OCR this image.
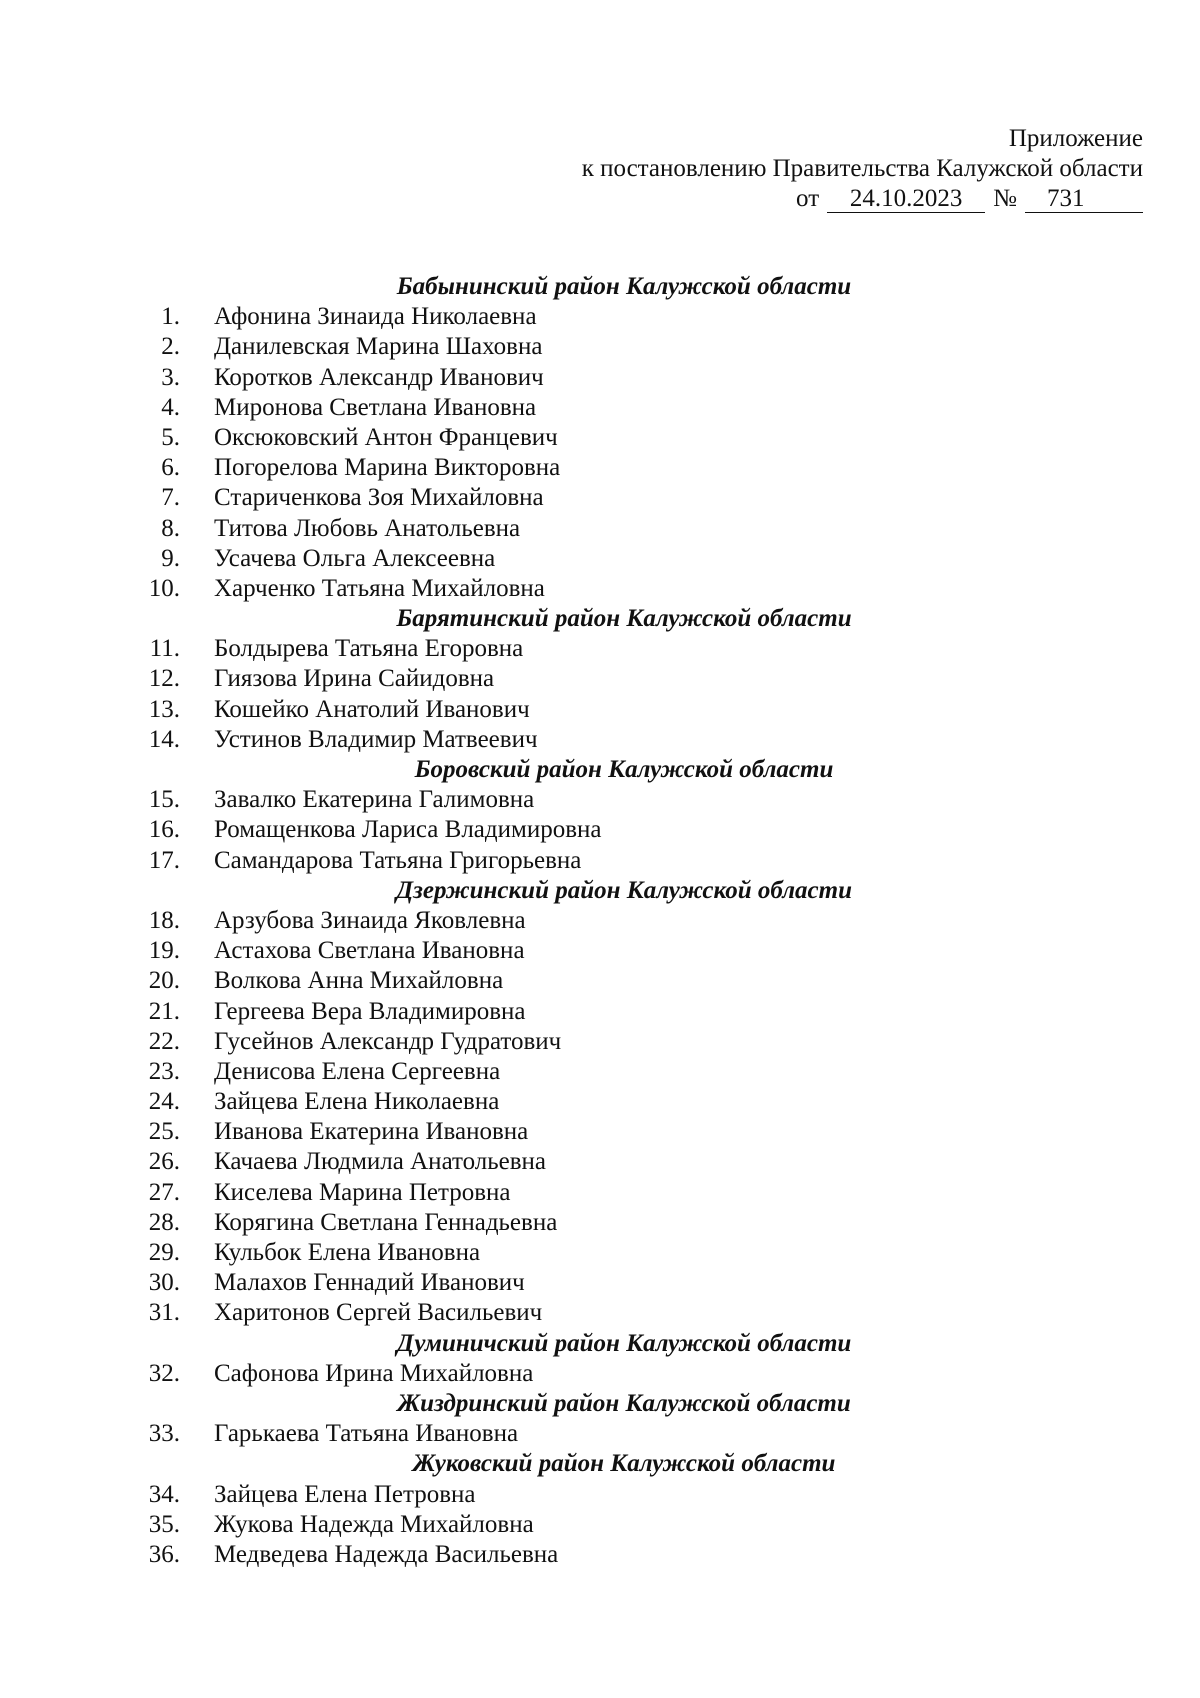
Приложение
к постановлению Правительства Калужской области
от	24.10.2023	№	731
Бабынинский район Калужской области
1. Афонина Зинаида Николаевна
2. Данилевская Марина Шаховна
3. Коротков Александр Иванович
4. Миронова Светлана Ивановна
5. Оксюковский Антон Францевич
6. Погорелова Марина Викторовна
7. Стариченкова Зоя Михайловна
8. Титова Любовь Анатольевна
9. Усачева Ольга Алексеевна
10. Харченко Татьяна Михайловна
Барятинский район Калужской области
11. Болдырева Татьяна Егоровна
12. Гиязова Ирина Сайидовна
13. Кошейко Анатолий Иванович
14. Устинов Владимир Матвеевич
Боровский район Калужской области
15. Завалко Екатерина Галимовна
16. Ромащенкова Лариса Владимировна
17. Самандарова Татьяна Григорьевна
Дзержинский район Калужской области
18. Арзубова Зинаида Яковлевна
19. Астахова Светлана Ивановна
20. Волкова Анна Михайловна
21. Гергеева Вера Владимировна
22. Гусейнов Александр Гудратович
23. Денисова Елена Сергеевна
24. Зайцева Елена Николаевна
25. Иванова Екатерина Ивановна
26. Качаева Людмила Анатольевна
27. Киселева Марина Петровна
28. Корягина Светлана Геннадьевна
29. Кульбок Елена Ивановна
30. Малахов Геннадий Иванович
31. Харитонов Сергей Васильевич
Думиничский район Калужской области
32. Сафонова Ирина Михайловна
Жиздринский район Калужской области
33. Гарькаева Татьяна Ивановна
Жуковский район Калужской области
34. Зайцева Елена Петровна
35. Жукова Надежда Михайловна
36. Медведева Надежда Васильевна
